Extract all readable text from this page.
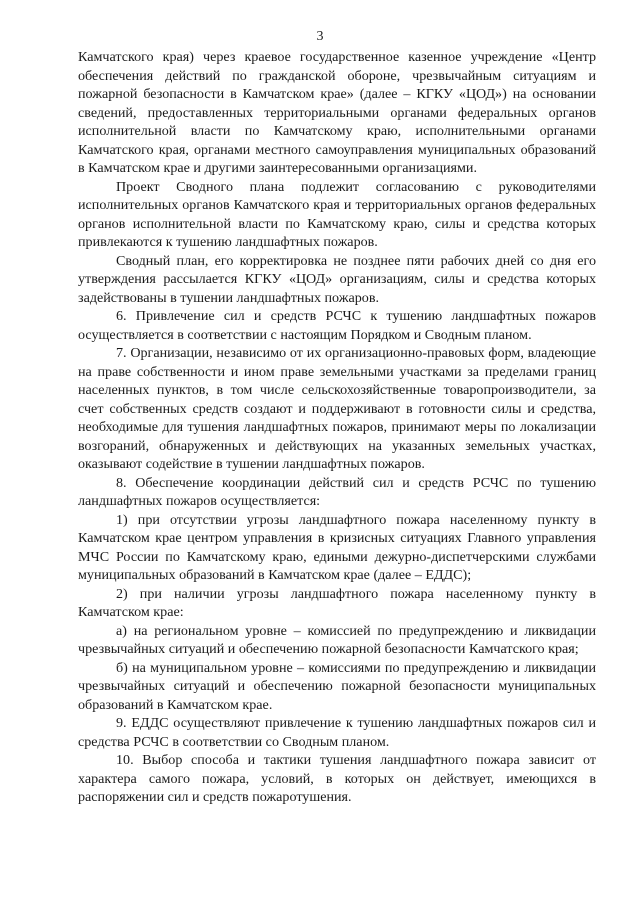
3

Камчатского края) через краевое государственное казенное учреждение «Центр обеспечения действий по гражданской обороне, чрезвычайным ситуациям и пожарной безопасности в Камчатском крае» (далее – КГКУ «ЦОД») на основании сведений, предоставленных территориальными органами федеральных органов исполнительной власти по Камчатскому краю, исполнительными органами Камчатского края, органами местного самоуправления муниципальных образований в Камчатском крае и другими заинтересованными организациями.

Проект Сводного плана подлежит согласованию с руководителями исполнительных органов Камчатского края и территориальных органов федеральных органов исполнительной власти по Камчатскому краю, силы и средства которых привлекаются к тушению ландшафтных пожаров.

Сводный план, его корректировка не позднее пяти рабочих дней со дня его утверждения рассылается КГКУ «ЦОД» организациям, силы и средства которых задействованы в тушении ландшафтных пожаров.

6. Привлечение сил и средств РСЧС к тушению ландшафтных пожаров осуществляется в соответствии с настоящим Порядком и Сводным планом.

7. Организации, независимо от их организационно-правовых форм, владеющие на праве собственности и ином праве земельными участками за пределами границ населенных пунктов, в том числе сельскохозяйственные товаропроизводители, за счет собственных средств создают и поддерживают в готовности силы и средства, необходимые для тушения ландшафтных пожаров, принимают меры по локализации возгораний, обнаруженных и действующих на указанных земельных участках, оказывают содействие в тушении ландшафтных пожаров.

8. Обеспечение координации действий сил и средств РСЧС по тушению ландшафтных пожаров осуществляется:

1) при отсутствии угрозы ландшафтного пожара населенному пункту в Камчатском крае центром управления в кризисных ситуациях Главного управления МЧС России по Камчатскому краю, едиными дежурно-диспетчерскими службами муниципальных образований в Камчатском крае (далее – ЕДДС);

2) при наличии угрозы ландшафтного пожара населенному пункту в Камчатском крае:

а) на региональном уровне – комиссией по предупреждению и ликвидации чрезвычайных ситуаций и обеспечению пожарной безопасности Камчатского края;

б) на муниципальном уровне – комиссиями по предупреждению и ликвидации чрезвычайных ситуаций и обеспечению пожарной безопасности муниципальных образований в Камчатском крае.

9. ЕДДС осуществляют привлечение к тушению ландшафтных пожаров сил и средства РСЧС в соответствии со Сводным планом.

10. Выбор способа и тактики тушения ландшафтного пожара зависит от характера самого пожара, условий, в которых он действует, имеющихся в распоряжении сил и средств пожаротушения.
